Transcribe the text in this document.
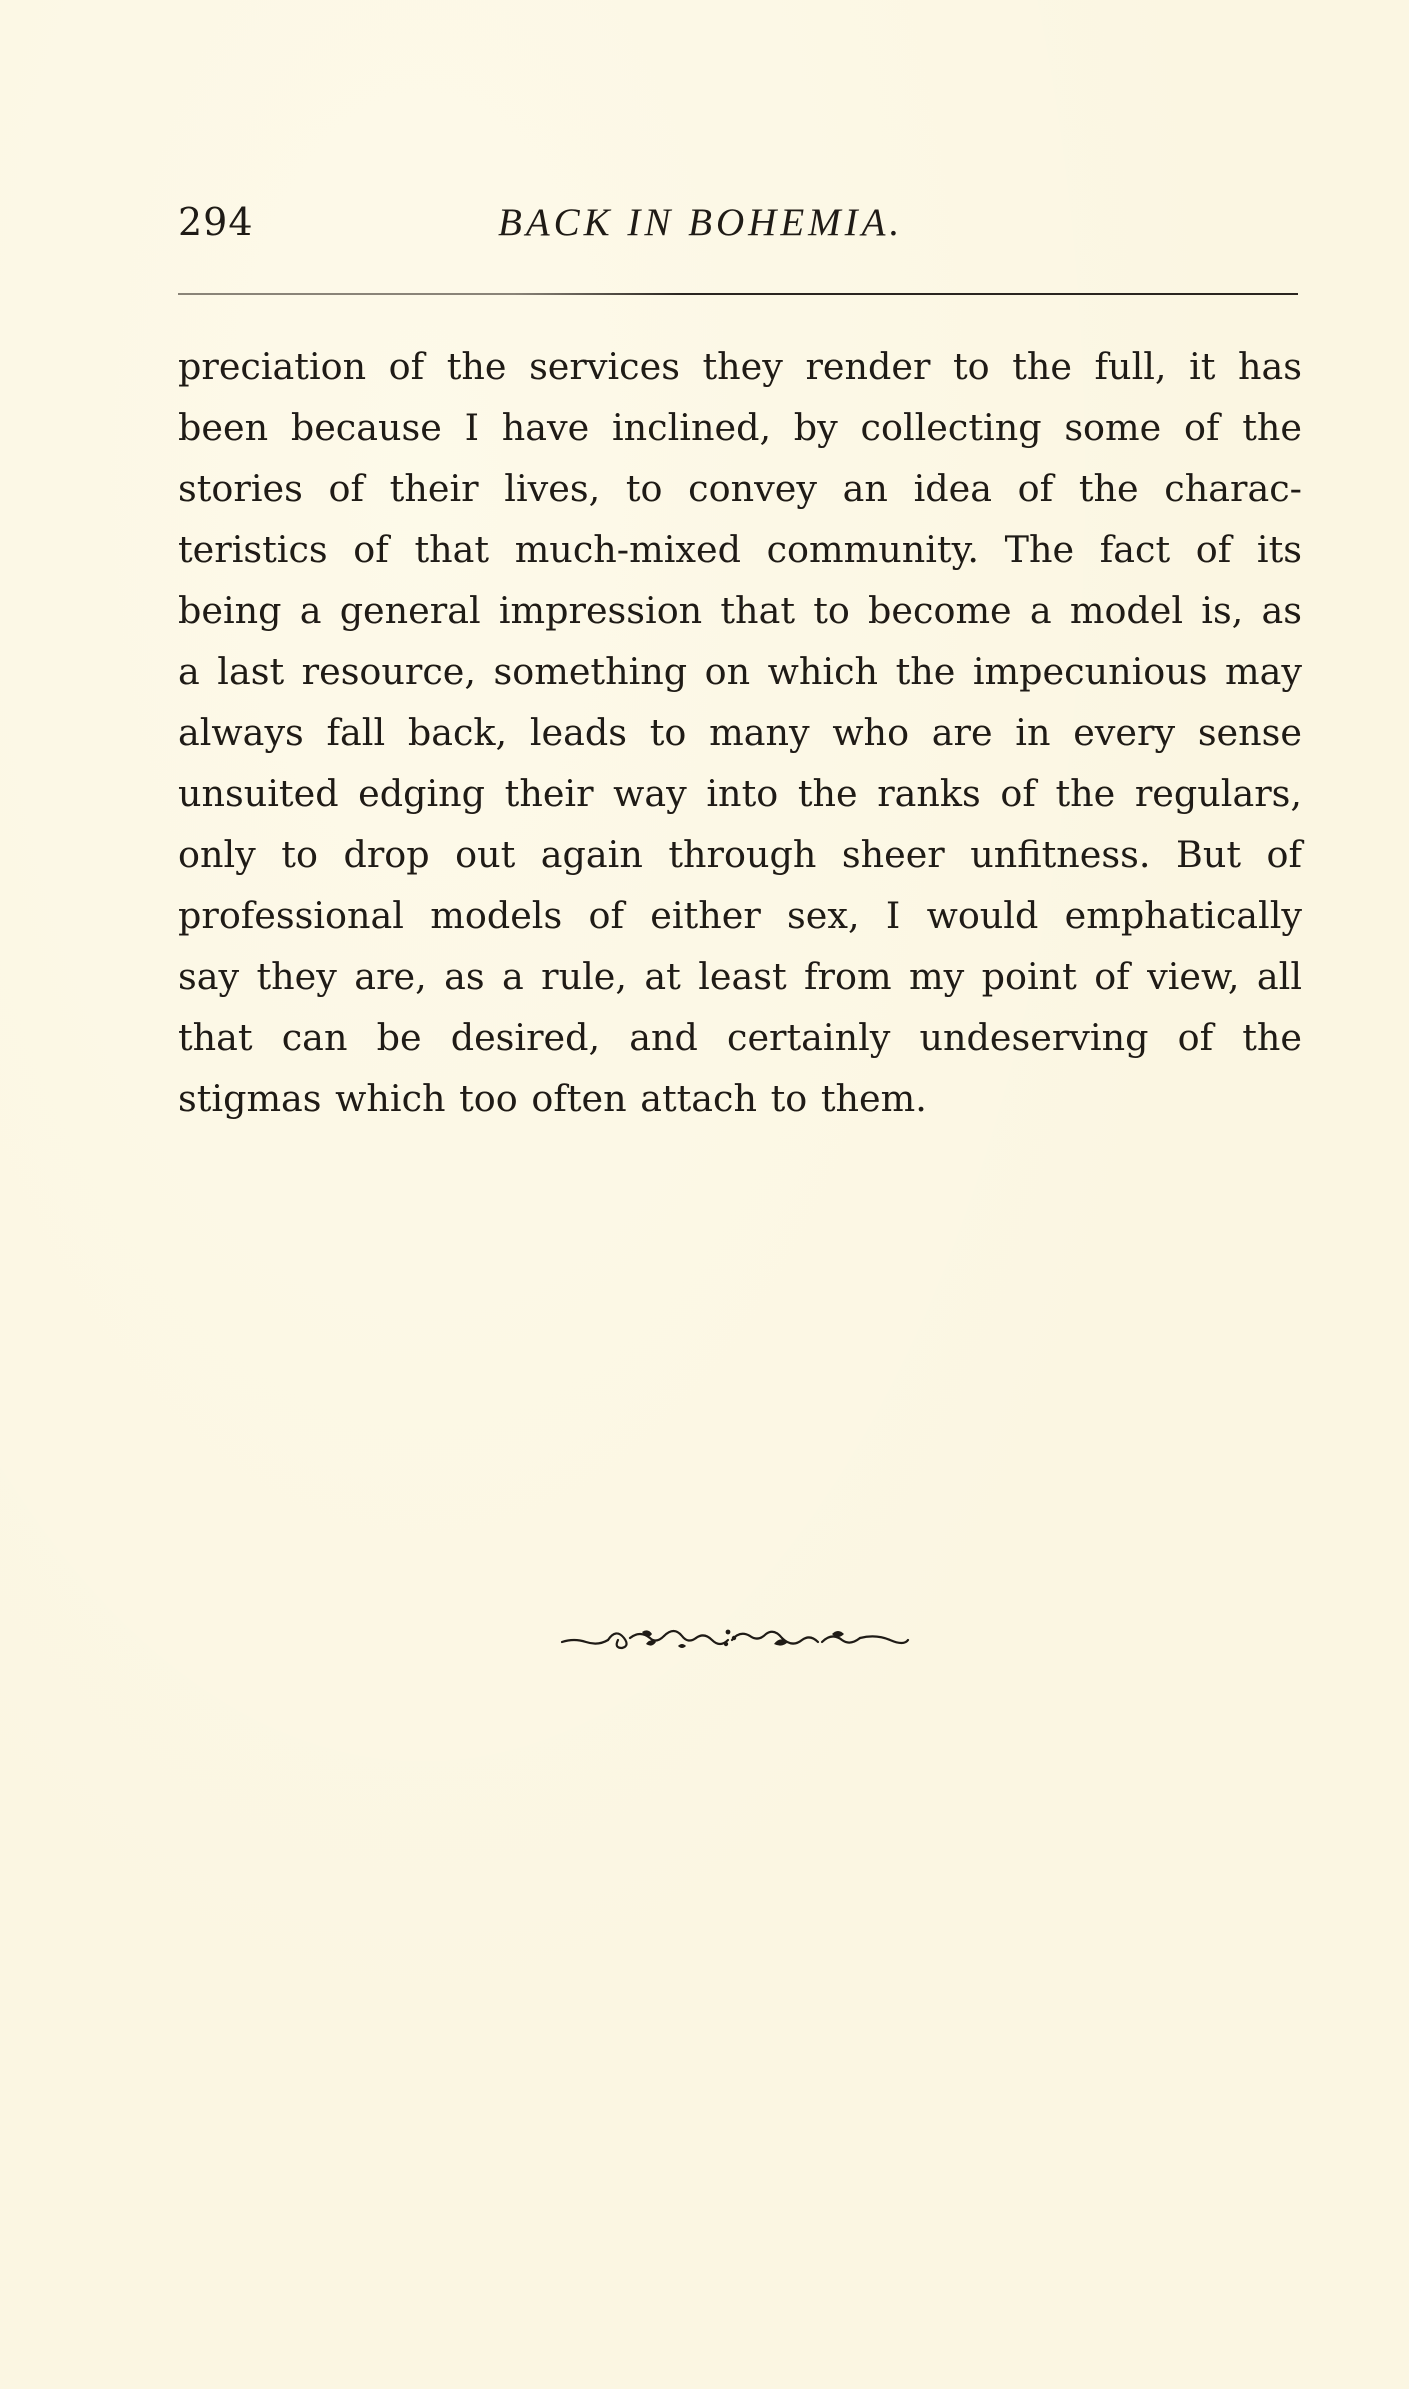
294	BACK IN BOHEMIA.
preciation of the services they render to the full, it has
been because I have inclined, by collecting some of the
stories of their lives, to convey an idea of the charac-
teristics of that much-mixed community. The fact of its
being a general impression that to become a model is, as
a last resource, something on which the impecunious may
always fall back, leads to many who are in every sense
unsuited edging their way into the ranks of the regulars,
only to drop out again through sheer unfitness. But of
professional models of either sex, I would emphatically
say they are, as a rule, at least from my point of view, all
that can be desired, and certainly undeserving of the
stigmas which too often attach to them.
